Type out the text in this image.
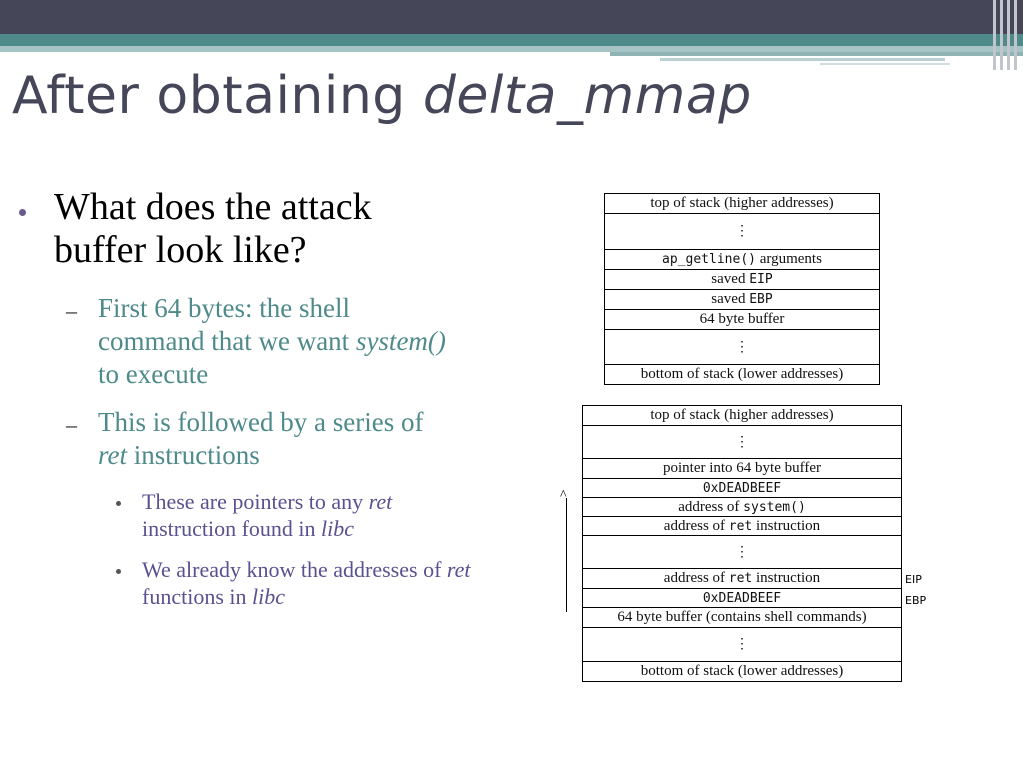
After obtaining delta_mmap

What does the attack buffer look like?

– First 64 bytes: the shell command that we want system() to execute

– This is followed by a series of ret instructions

These are pointers to any ret instruction found in libc

We already know the addresses of ret functions in libc

top of stack (higher addresses)
⋮
ap_getline() arguments
saved EIP
saved EBP
64 byte buffer
⋮
bottom of stack (lower addresses)
top of stack (higher addresses)
⋮
pointer into 64 byte buffer
0xDEADBEEF
address of system()
address of ret instruction
⋮
address of ret instruction
0xDEADBEEF
64 byte buffer (contains shell commands)
⋮
bottom of stack (lower addresses)
EIP
EBP
^
